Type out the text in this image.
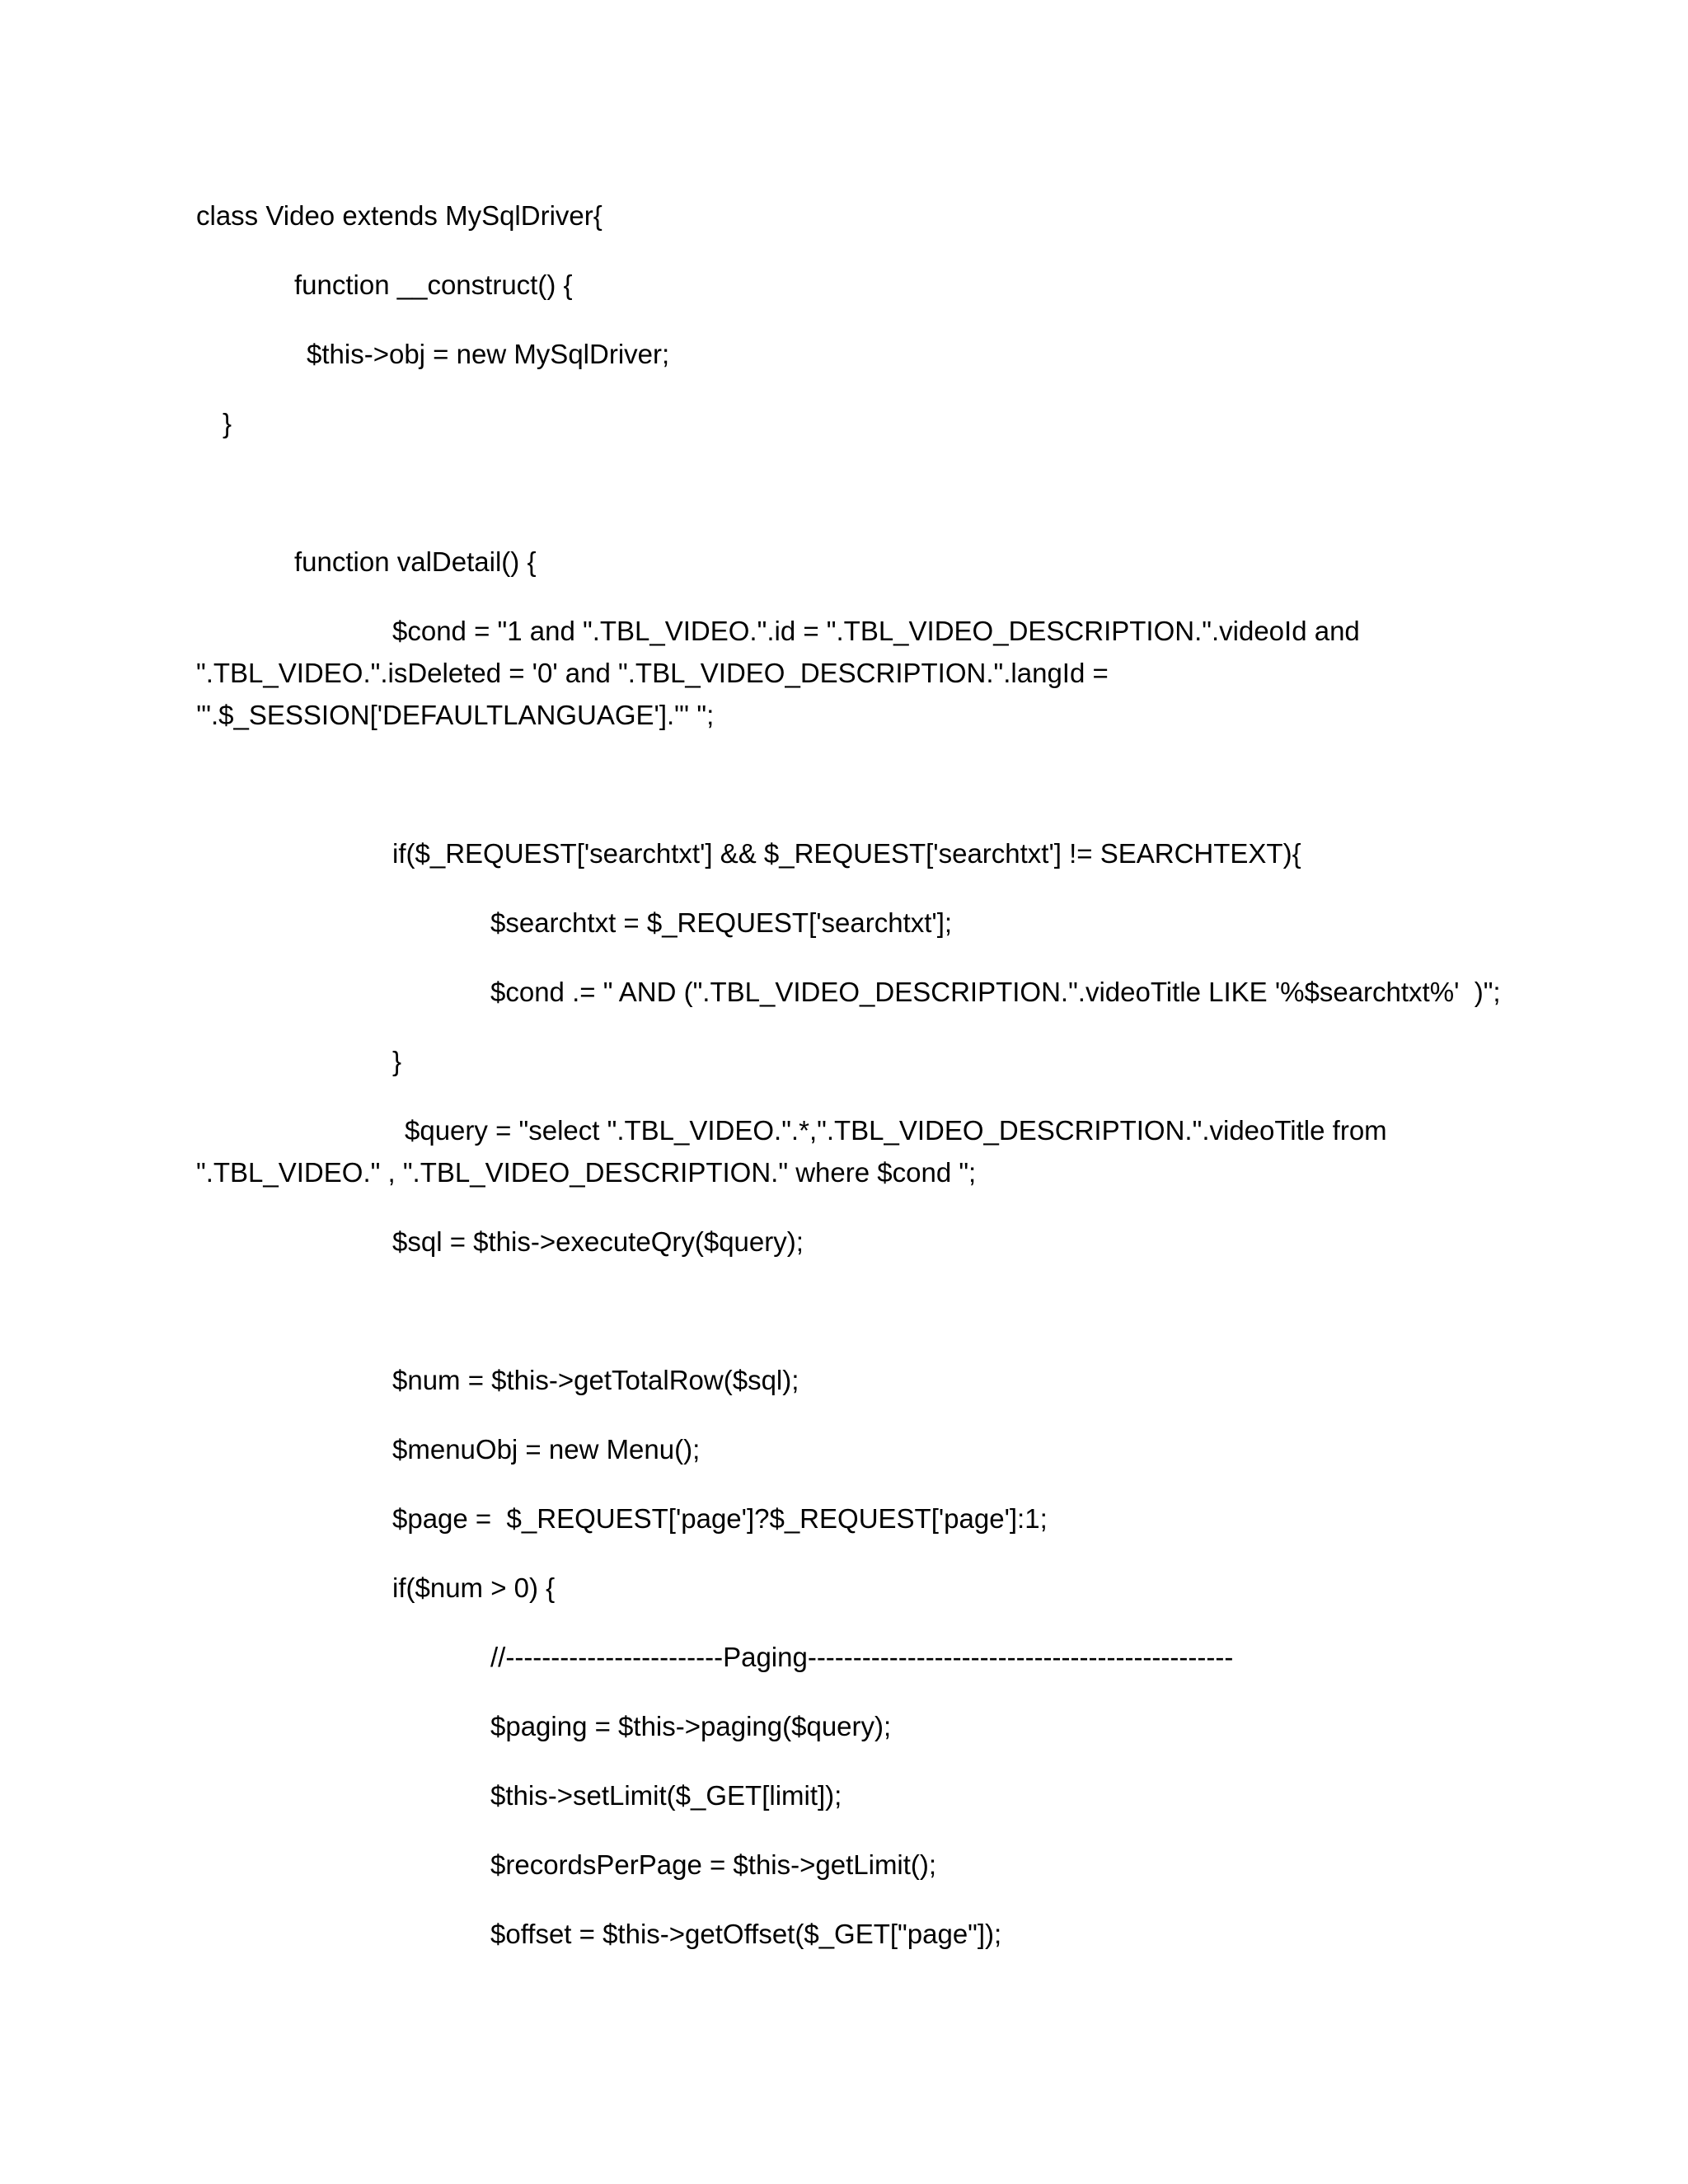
class Video extends MySqlDriver{
function __construct() {
$this->obj = new MySqlDriver;
}
function valDetail() {
$cond = "1 and ".TBL_VIDEO.".id = ".TBL_VIDEO_DESCRIPTION.".videoId and
".TBL_VIDEO.".isDeleted = '0' and ".TBL_VIDEO_DESCRIPTION.".langId =
'".$_SESSION['DEFAULTLANGUAGE']."' ";
if($_REQUEST['searchtxt'] && $_REQUEST['searchtxt'] != SEARCHTEXT){
$searchtxt = $_REQUEST['searchtxt'];
$cond .= " AND (".TBL_VIDEO_DESCRIPTION.".videoTitle LIKE '%$searchtxt%'  )";
}
$query = "select ".TBL_VIDEO.".*,".TBL_VIDEO_DESCRIPTION.".videoTitle from
".TBL_VIDEO." , ".TBL_VIDEO_DESCRIPTION." where $cond ";
$sql = $this->executeQry($query);
$num = $this->getTotalRow($sql);
$menuObj = new Menu();
$page =  $_REQUEST['page']?$_REQUEST['page']:1;
if($num > 0) {
//------------------------Paging-----------------------------------------------
$paging = $this->paging($query);
$this->setLimit($_GET[limit]);
$recordsPerPage = $this->getLimit();
$offset = $this->getOffset($_GET["page"]);
